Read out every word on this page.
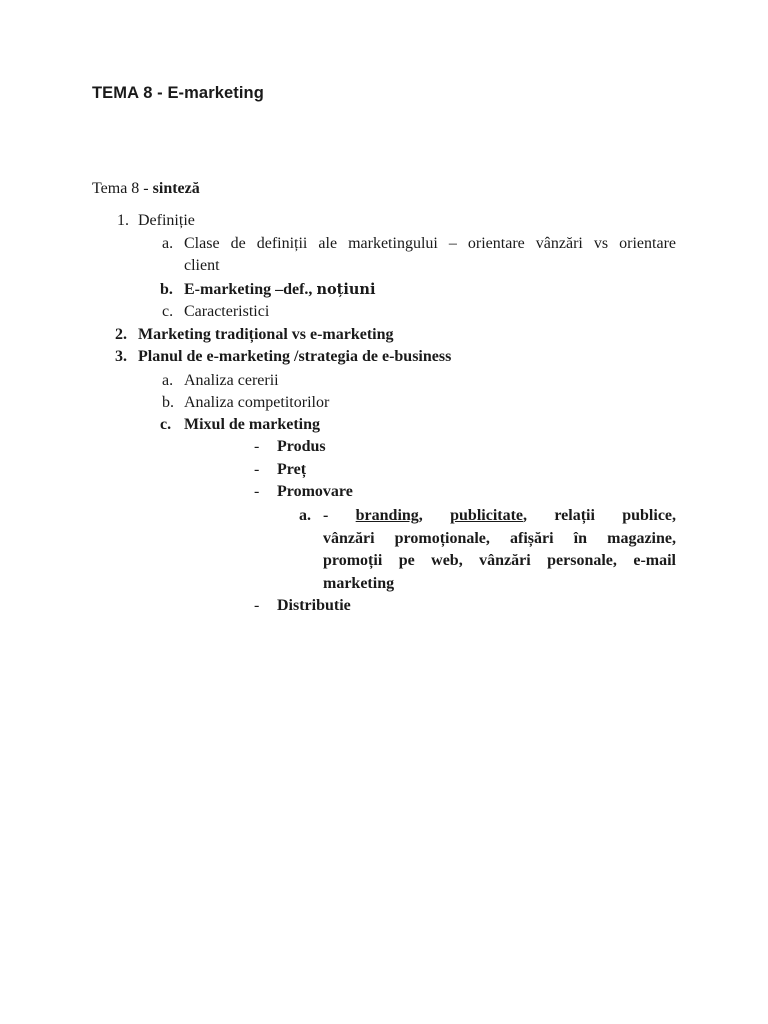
TEMA 8 - E-marketing
Tema 8 - sinteză
1. Definiție
a. Clase de definiții ale marketingului – orientare vânzări vs orientare
client
b. E-marketing –def., noțiuni
c. Caracteristici
2. Marketing tradițional vs e-marketing
3. Planul de e-marketing /strategia de e-business
a. Analiza cererii
b. Analiza competitorilor
c. Mixul de marketing
- Produs
- Preț
- Promovare
a. - branding, publicitate, relații publice,
vânzări promoționale, afișări în magazine,
promoții pe web, vânzări personale, e-mail
marketing
- Distributie
